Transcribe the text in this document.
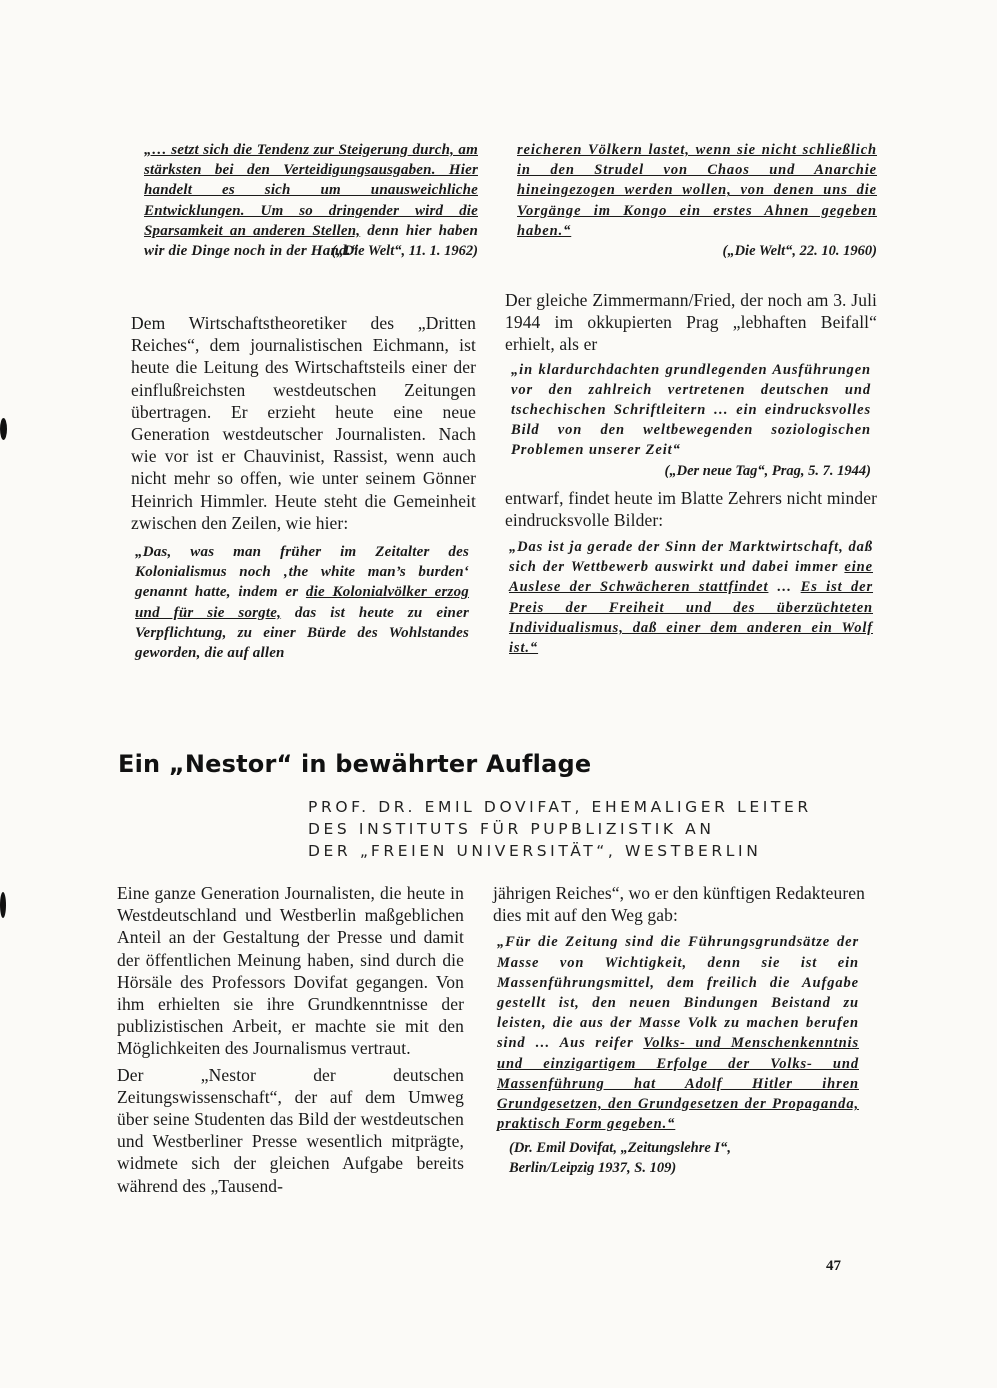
„… setzt sich die Tendenz zur Steigerung durch, am stärksten bei den Verteidigungsausgaben. Hier handelt es sich um unausweichliche Entwicklungen. Um so dringender wird die Sparsamkeit an anderen Stellen, denn hier haben wir die Dinge noch in der Hand.“
(„Die Welt“, 11. 1. 1962)
Dem Wirtschaftstheoretiker des „Dritten Reiches“, dem journalistischen Eichmann, ist heute die Leitung des Wirtschaftsteils einer der einflußreichsten westdeutschen Zeitungen übertragen. Er erzieht heute eine neue Generation westdeutscher Journalisten. Nach wie vor ist er Chauvinist, Rassist, wenn auch nicht mehr so offen, wie unter seinem Gönner Heinrich Himmler. Heute steht die Gemeinheit zwischen den Zeilen, wie hier:
„Das, was man früher im Zeitalter des Kolonialismus noch ‚the white man’s burden‘ genannt hatte, indem er die Kolonialvölker erzog und für sie sorgte, das ist heute zu einer Verpflichtung, zu einer Bürde des Wohlstandes geworden, die auf allen
reicheren Völkern lastet, wenn sie nicht schließlich in den Strudel von Chaos und Anarchie hineingezogen werden wollen, von denen uns die Vorgänge im Kongo ein erstes Ahnen gegeben haben.“
(„Die Welt“, 22. 10. 1960)
Der gleiche Zimmermann/Fried, der noch am 3. Juli 1944 im okkupierten Prag „lebhaften Beifall“ erhielt, als er
„in klardurchdachten grundlegenden Ausführungen vor den zahlreich vertretenen deutschen und tschechischen Schriftleitern … ein eindrucksvolles Bild von den weltbewegenden soziologischen Problemen unserer Zeit“
(„Der neue Tag“, Prag, 5. 7. 1944)
entwarf, findet heute im Blatte Zehrers nicht minder eindrucksvolle Bilder:
„Das ist ja gerade der Sinn der Marktwirtschaft, daß sich der Wettbewerb auswirkt und dabei immer eine Auslese der Schwächeren stattfindet … Es ist der Preis der Freiheit und des überzüchteten Individualismus, daß einer dem anderen ein Wolf ist.“
Ein „Nestor“ in bewährter Auflage
PROF. DR. EMIL DOVIFAT, EHEMALIGER LEITER
DES INSTITUTS FÜR PUPBLIZISTIK AN
DER „FREIEN UNIVERSITÄT“, WESTBERLIN
Eine ganze Generation Journalisten, die heute in Westdeutschland und Westberlin maßgeblichen Anteil an der Gestaltung der Presse und damit der öffentlichen Meinung haben, sind durch die Hörsäle des Professors Dovifat gegangen. Von ihm erhielten sie ihre Grundkenntnisse der publizistischen Arbeit, er machte sie mit den Möglichkeiten des Journalismus vertraut.
Der „Nestor der deutschen Zeitungswissenschaft“, der auf dem Umweg über seine Studenten das Bild der westdeutschen und Westberliner Presse wesentlich mitprägte, widmete sich der gleichen Aufgabe bereits während des „Tausend-
jährigen Reiches“, wo er den künftigen Redakteuren dies mit auf den Weg gab:
„Für die Zeitung sind die Führungsgrundsätze der Masse von Wichtigkeit, denn sie ist ein Massenführungsmittel, dem freilich die Aufgabe gestellt ist, den neuen Bindungen Beistand zu leisten, die aus der Masse Volk zu machen berufen sind … Aus reifer Volks- und Menschenkenntnis und einzigartigem Erfolge der Volks- und Massenführung hat Adolf Hitler ihren Grundgesetzen, den Grundgesetzen der Propaganda, praktisch Form gegeben.“
(Dr. Emil Dovifat, „Zeitungslehre I“,
Berlin/Leipzig 1937, S. 109)
47
